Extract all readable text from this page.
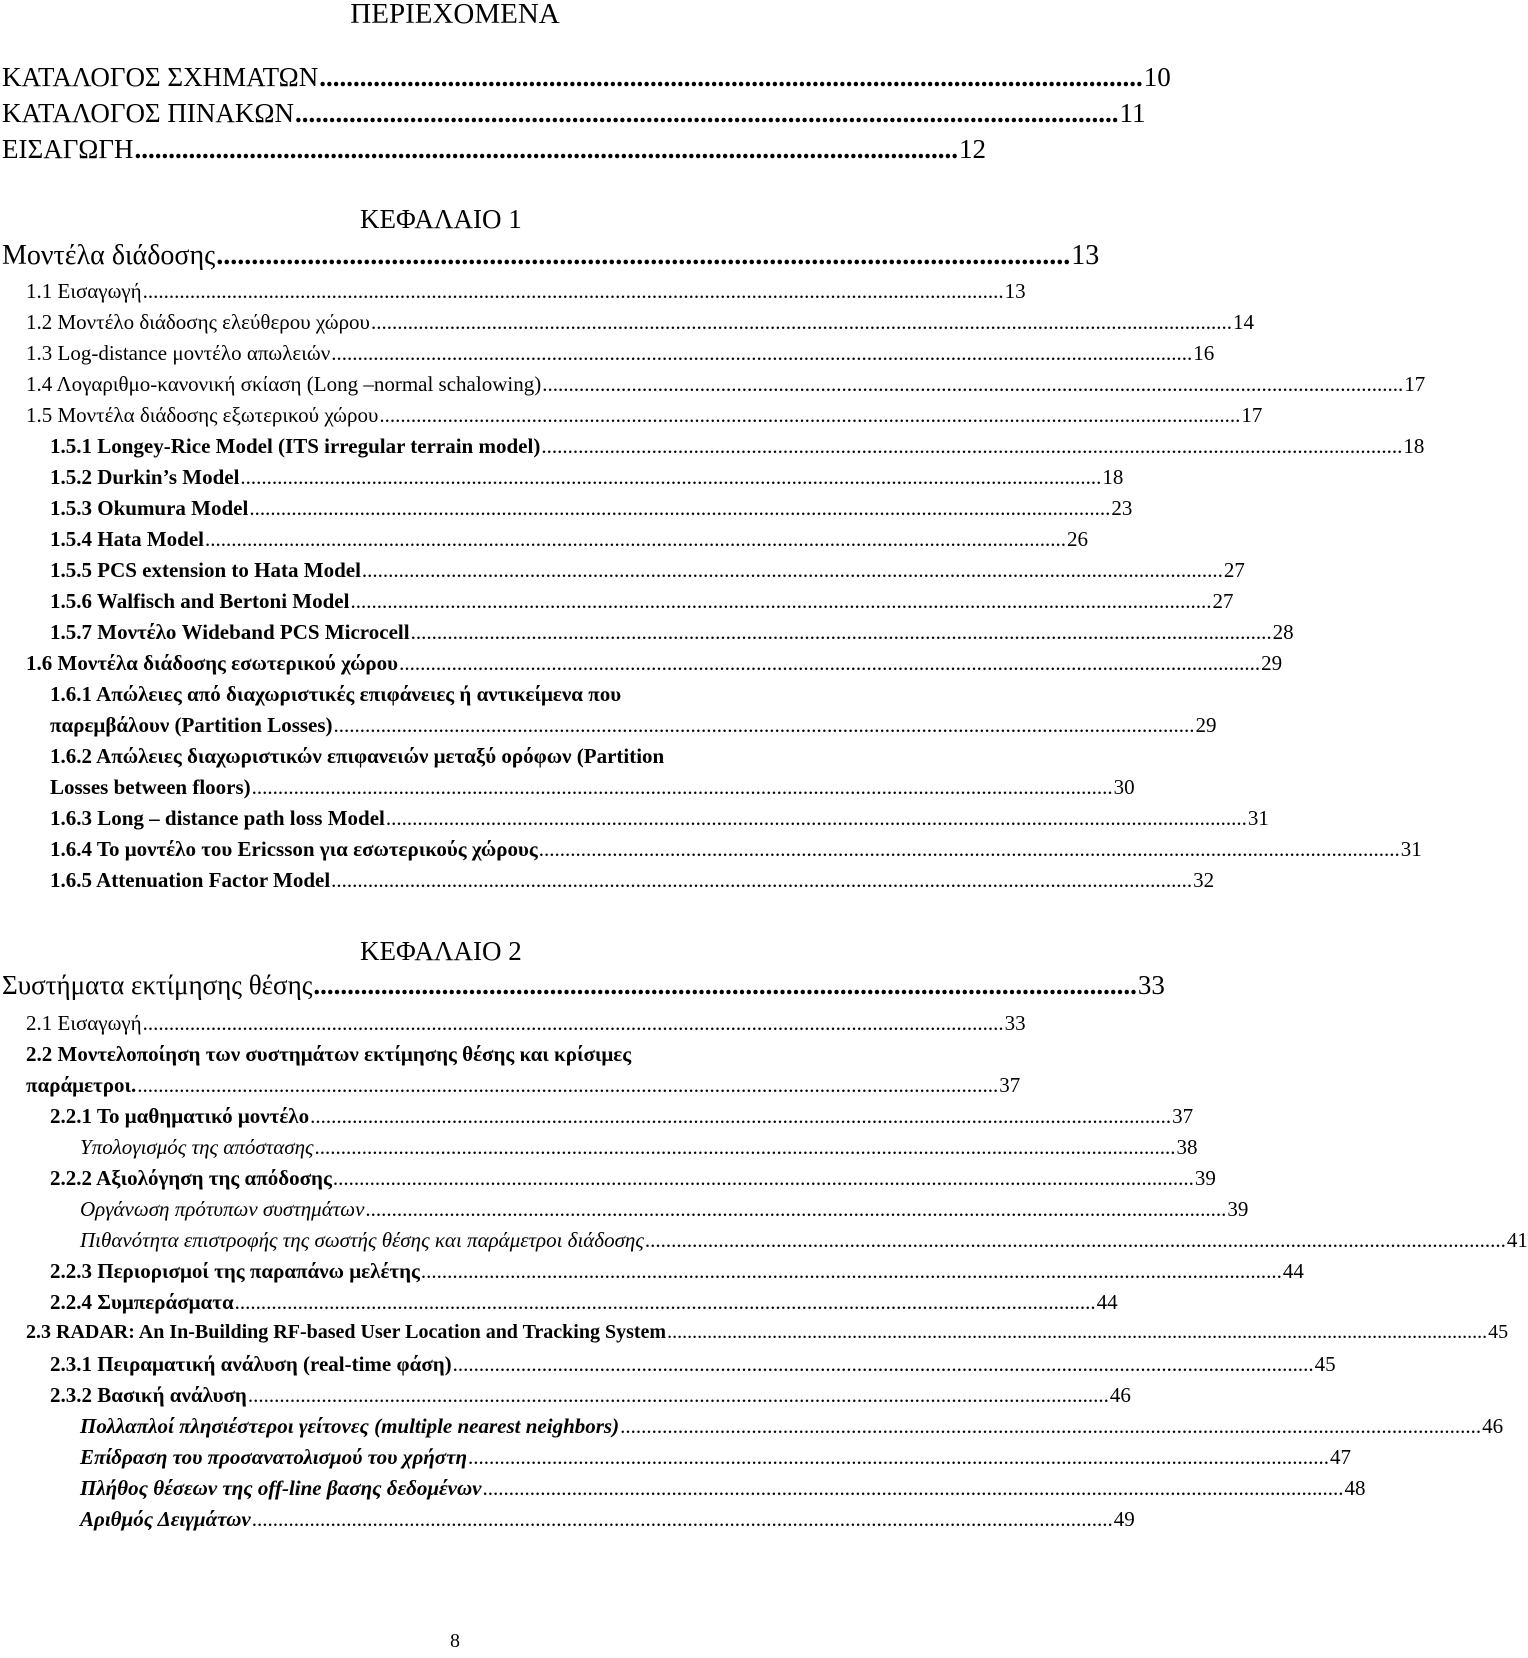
ΠΕΡΙΕΧΟΜΕΝΑ
ΚΑΤΑΛΟΓΟΣ ΣΧΗΜΑΤΩΝ .......................................................................................................................... 10
ΚΑΤΑΛΟΓΟΣ ΠΙΝΑΚΩΝ .......................................................................................................................... 11
ΕΙΣΑΓΩΓΗ .......................................................................................................................... 12
ΚΕΦΑΛΑΙΟ 1
Μοντέλα διάδοσης .......................................................................................................................... 13
1.1 Εισαγωγή .................................................................................................................................................................... 13
1.2 Μοντέλο διάδοσης ελεύθερου χώρου .................................................................................................................................................................... 14
1.3 Log-distance μοντέλο απωλειών .................................................................................................................................................................... 16
1.4 Λογαριθμο-κανονική σκίαση (Long –normal schalowing) .................................................................................................................................................................... 17
1.5 Μοντέλα διάδοσης εξωτερικού χώρου .................................................................................................................................................................... 17
1.5.1 Longey-Rice Model (ITS irregular terrain model) .................................................................................................................................................................... 18
1.5.2 Durkin’s Model .................................................................................................................................................................... 18
1.5.3 Okumura Model .................................................................................................................................................................... 23
1.5.4 Hata Model .................................................................................................................................................................... 26
1.5.5 PCS extension to Hata Model .................................................................................................................................................................... 27
1.5.6 Walfisch and Bertoni Model .................................................................................................................................................................... 27
1.5.7 Μοντέλο Wideband PCS Microcell .................................................................................................................................................................... 28
1.6 Μοντέλα διάδοσης εσωτερικού χώρου .................................................................................................................................................................... 29
1.6.1 Απώλειες από διαχωριστικές επιφάνειες ή αντικείμενα που
παρεμβάλουν (Partition Losses) .................................................................................................................................................................... 29
1.6.2 Απώλειες διαχωριστικών επιφανειών μεταξύ ορόφων (Partition
Losses between floors) .................................................................................................................................................................... 30
1.6.3 Long – distance path loss Model .................................................................................................................................................................... 31
1.6.4 Το μοντέλο του Ericsson για εσωτερικούς χώρους .................................................................................................................................................................... 31
1.6.5 Attenuation Factor Model .................................................................................................................................................................... 32
ΚΕΦΑΛΑΙΟ 2
Συστήματα εκτίμησης θέσης .......................................................................................................................... 33
2.1 Εισαγωγή .................................................................................................................................................................... 33
2.2 Μοντελοποίηση των συστημάτων εκτίμησης θέσης και κρίσιμες
παράμετροι. .................................................................................................................................................................... 37
2.2.1 Το μαθηματικό μοντέλο .................................................................................................................................................................... 37
Υπολογισμός της απόστασης .................................................................................................................................................................... 38
2.2.2 Αξιολόγηση της απόδοσης .................................................................................................................................................................... 39
Οργάνωση πρότυπων συστημάτων .................................................................................................................................................................... 39
Πιθανότητα επιστροφής της σωστής θέσης και παράμετροι διάδοσης .................................................................................................................................................................... 41
2.2.3 Περιορισμοί της παραπάνω μελέτης .................................................................................................................................................................... 44
2.2.4 Συμπεράσματα .................................................................................................................................................................... 44
2.3 RADAR: An In-Building RF-based User Location and Tracking System .................................................................................................................................................................... 45
2.3.1 Πειραματική ανάλυση (real-time φάση) .................................................................................................................................................................... 45
2.3.2 Βασική ανάλυση .................................................................................................................................................................... 46
Πολλαπλοί πλησιέστεροι γείτονες (multiple nearest neighbors) .................................................................................................................................................................... 46
Επίδραση του προσανατολισμού του χρήστη .................................................................................................................................................................... 47
Πλήθος θέσεων της off-line βασης δεδομένων .................................................................................................................................................................... 48
Αριθμός Δειγμάτων .................................................................................................................................................................... 49
8
